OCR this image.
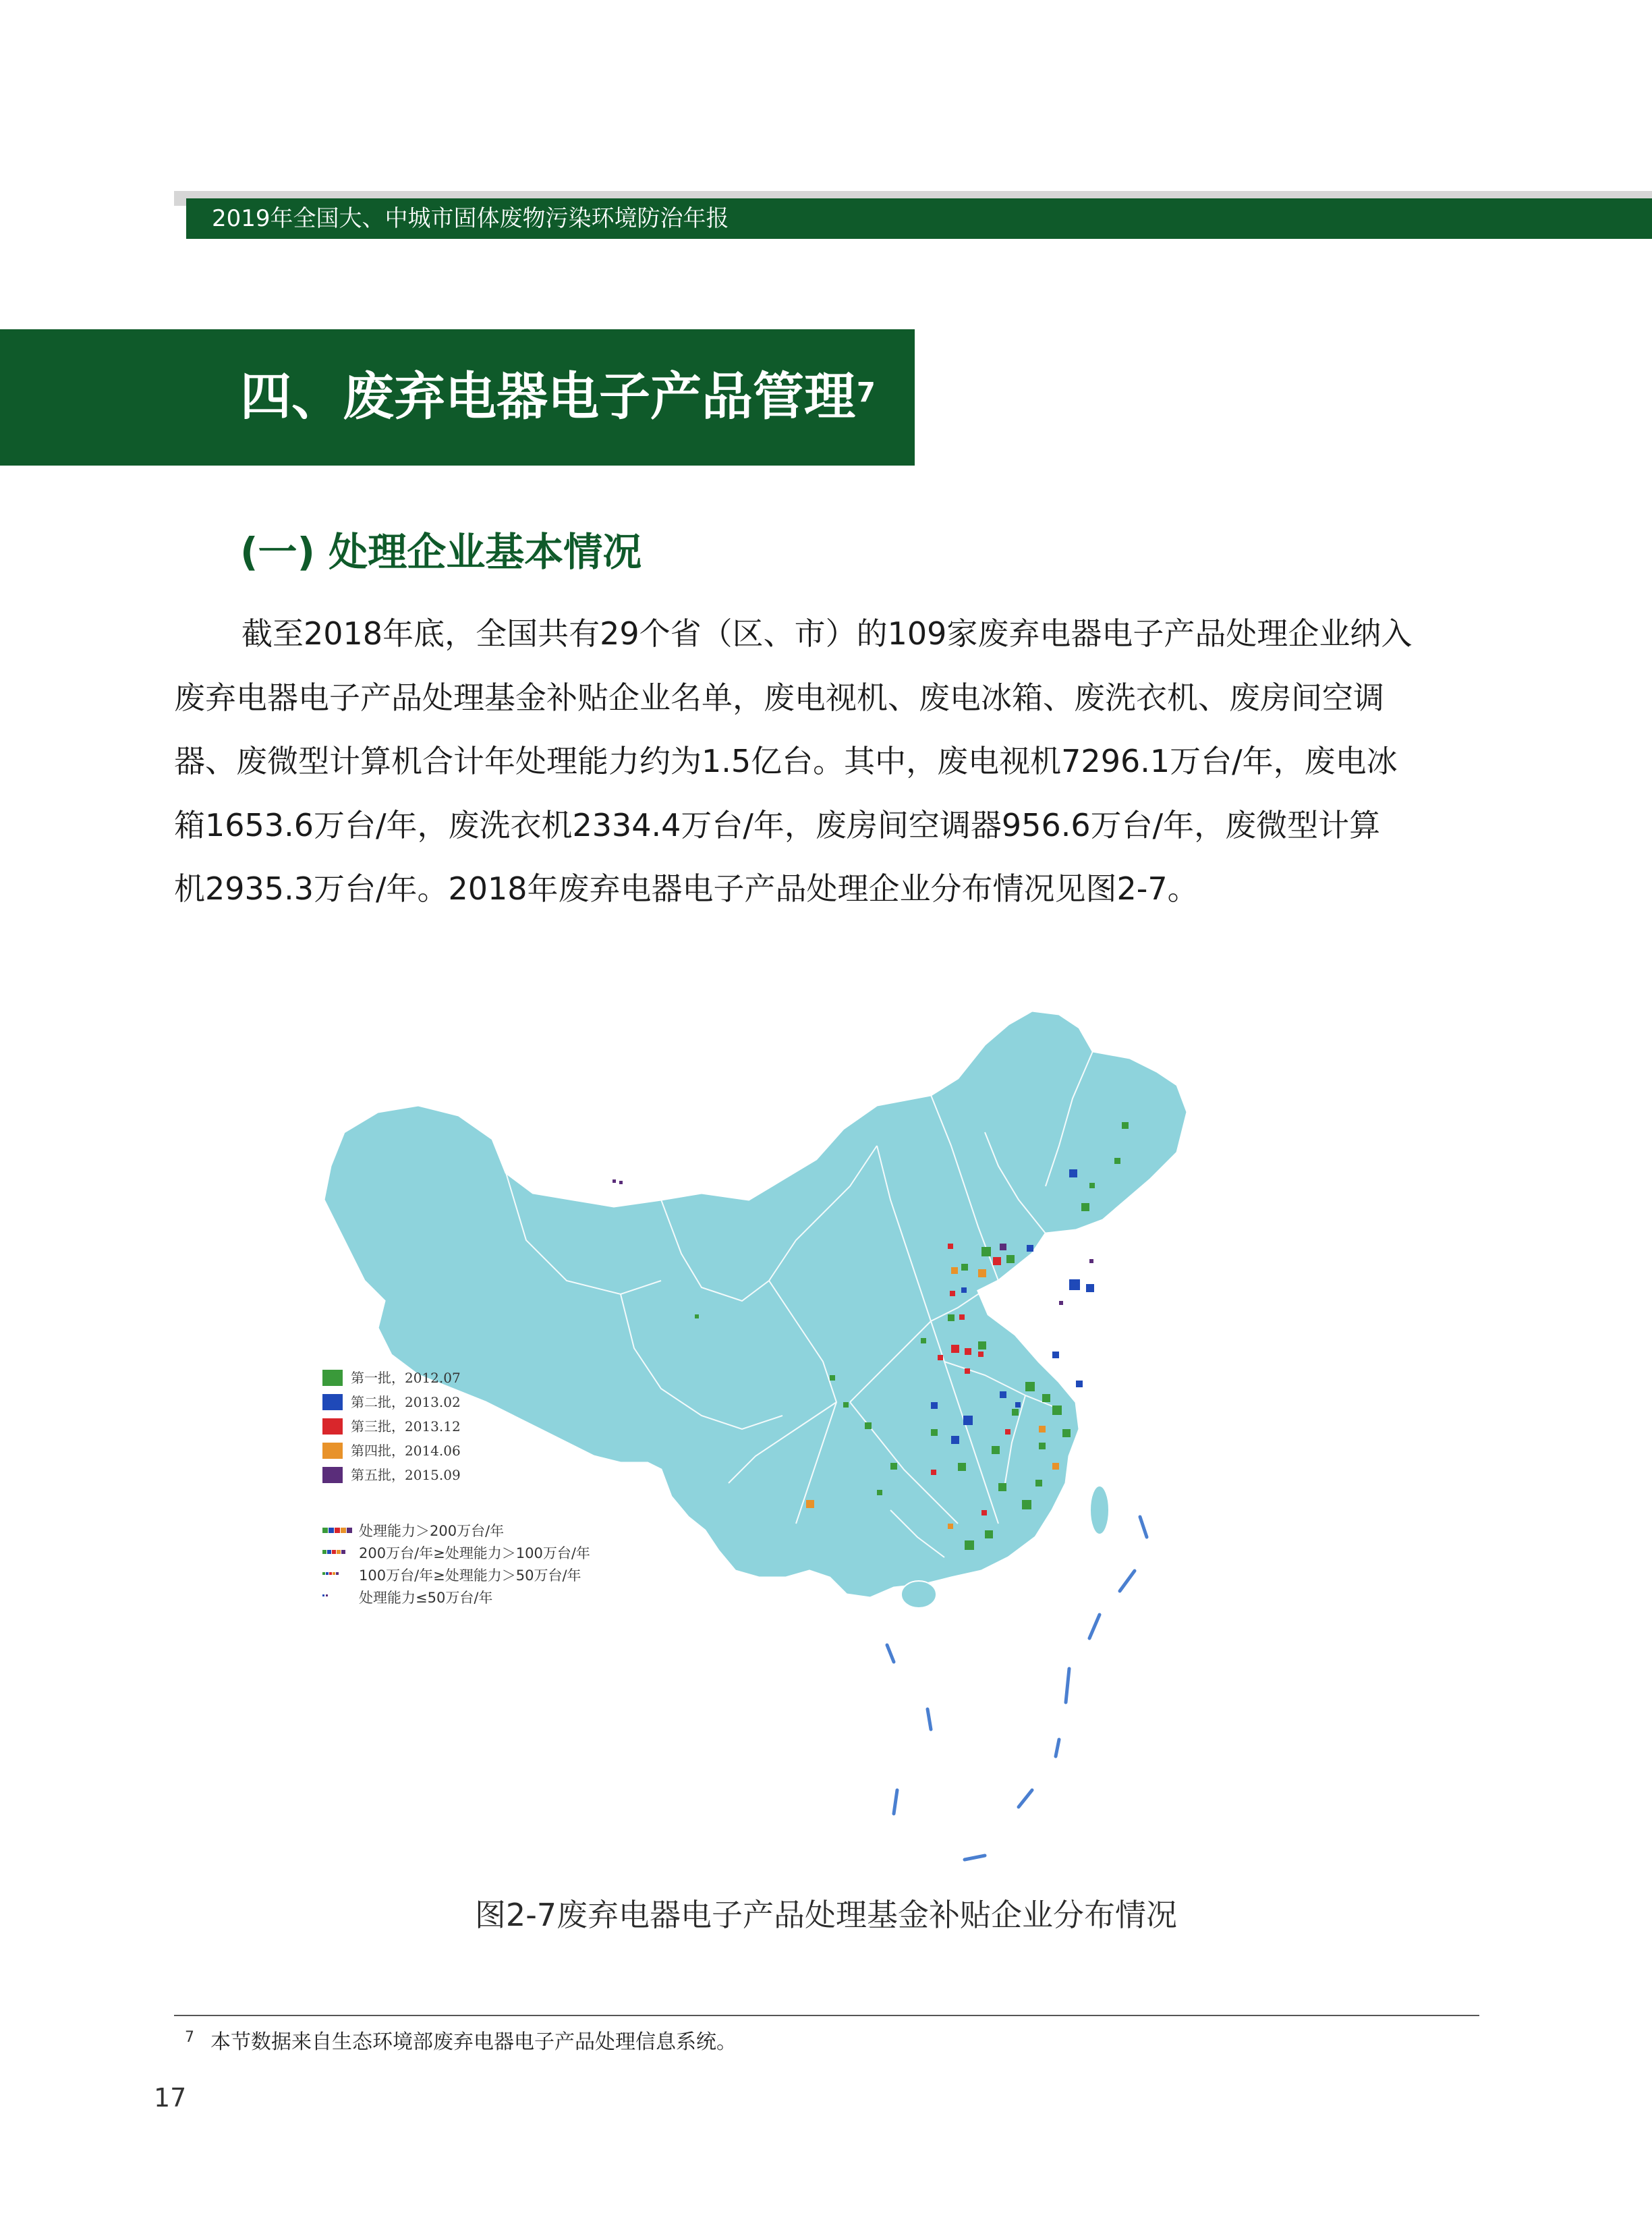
2019年全国大、中城市固体废物污染环境防治年报
四、废弃电器电子产品管理$^7$
(一) 处理企业基本情况
截至2018年底，全国共有29个省（区、市）的109家废弃电器电子产品处理企业纳入
废弃电器电子产品处理基金补贴企业名单，废电视机、废电冰箱、废洗衣机、废房间空调
器、废微型计算机合计年处理能力约为1.5亿台。其中，废电视机7296.1万台/年，废电冰
箱1653.6万台/年，废洗衣机2334.4万台/年，废房间空调器956.6万台/年，废微型计算
机2935.3万台/年。2018年废弃电器电子产品处理企业分布情况见图2-7。
第一批，2012.07
第二批，2013.02
第三批，2013.12
第四批，2014.06
第五批，2015.09
处理能力＞200万台/年
200万台/年≥处理能力＞100万台/年
100万台/年≥处理能力＞50万台/年
处理能力≤50万台/年
图2-7废弃电器电子产品处理基金补贴企业分布情况
7 本节数据来自生态环境部废弃电器电子产品处理信息系统。
17
